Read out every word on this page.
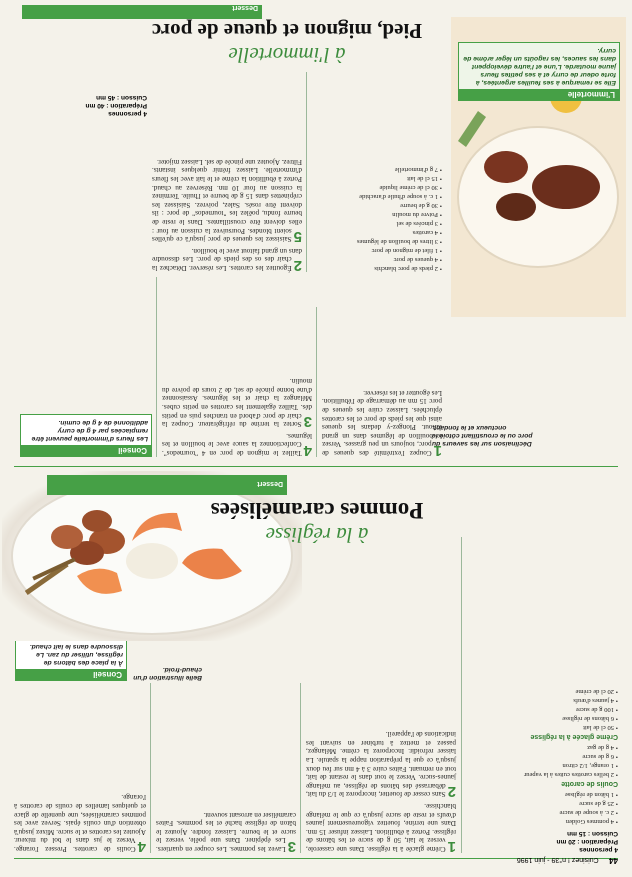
44 Cuisinez ! n°39 - juin 1996
4 personnes
Préparation : 20 mn
Cuisson : 15 mn
• 4 pommes Golden
• 2 c. à soupe de sucre
• 25 g de sucre
• 1 bâton de réglisse
Coulis de carotte
• 2 belles carottes cuites à la vapeur
• 1 orange, 1/2 citron
• 6 g de sucre
• 4 g de gaz
Crème glacée à la réglisse
• 50 cl de lait
• 6 bâtons de réglisse
• 100 g de sucre
• 4 jaunes d'œufs
• 20 cl de crème
1
Crème glacée à la réglisse. Dans une casserole, versez le lait, 50 g de sucre et les bâtons de réglisse. Portez à ébullition. Laissez infuser 15 mn. Dans une terrine, fouettez vigoureusement jaunes d'œufs et reste de sucre jusqu'à ce que le mélange blanchisse.
2
Sans cesser de fouetter, incorporez le 1/3 du lait, débarrassé des bâtons de réglisse, au mélange jaunes-sucre. Versez le tout dans le restant de lait, tout en remuant. Faites cuire 3 à 4 mn sur feu doux jusqu'à ce que la préparation nappe la spatule. La laisser refroidir. Incorporez la crème. Mélangez, passez et mettez à turbiner en suivant les indications de l'appareil.
3
Lavez les pommes. Les couper en quartiers. Les épépiner. Dans une poêle, versez le sucre et le beurre. Laissez fondre. Ajoutez le bâton de réglisse haché et les pommes. Faites caraméliser en arrosant souvent.
4
Coulis de carottes. Pressez l'orange. Versez le jus dans le bol du mixeur. Ajoutez les carottes et le sucre. Mixez jusqu'à obtention d'un coulis épais. Servez avec les pommes caramélisées, une quenelle de glace et quelques lamelles de coulis de carottes à l'orange.
Belle illustration d'un chaud-froid.
Conseil
À la place des bâtons de réglisse, utiliser du zan. Le dissoudre dans le lait chaud.
Dessert
à la réglisse
Pommes caramélisées
Déclinaison sur les saveurs du porc ou le croustillant côtoie le onctueux et le fondant.
L'immortelle
Elle se remarque à ses feuilles argentées, à forte odeur de curry et à ses petites fleurs jaune moutarde. L'une et l'autre développent dans les sauces, les ragoûts un léger arôme de curry.
1
Coupez l'extrémité des queues de porc, toujours un peu grasses. Versez le bouillon de légumes dans un grand faitout. Plongez-y dedans les queues ainsi que les pieds de porc et les carottes épluchées. Laissez cuire les queues de porc 15 mn au démarrage de l'ébullition. Les égoutter et les réserver.
4
Taillez le mignon de porc en 4 "tournedos". Confectionnez la sauce avec le bouillon et les légumes.
3
Sortez la terrine du réfrigérateur. Coupez la chair de porc d'abord en tranches puis en petits dés. Taillez également les carottes en petits cubes. Mélangez la chair et les légumes. Assaisonnez d'une bonne pincée de sel, de 2 tours de poivre du moulin.
Conseil
Les fleurs d'immortelle peuvent être remplacées par 4 g de curry additionné de 4 g de cumin.
• 2 pieds de porc blanchis
• 4 queues de porc
• 1 filet de mignon de porc
• 3 litres de bouillon de légumes
• 4 carottes
• 3 pincées de sel
• Poivre du moulin
• 30 g de beurre
• 1 c. à soupe d'huile d'arachide
• 30 cl de crème liquide
• 15 cl de lait
• 7 g d'immortelle
2
Égouttez les carottes. Les réserver. Détachez la chair des os des pieds de porc. Les dissoudre dans un grand faitout avec le bouillon.
5
Saisissez les queues de porc jusqu'à ce qu'elles soient blondes. Poursuivez la cuisson au four : elles doivent être croustillantes. Dans le reste de beurre fondu, poêlez les "tournedos" de porc : ils doivent être rosés. Salez, poivrez. Saisissez les crépinettes dans 15 g de beurre et l'huile. Terminez la cuisson au four 10 mn. Réservez au chaud. Portez à ébullition la crème et le lait avec les fleurs d'immortelle. Laissez frémir quelques instants. Filtrez. Ajoutez une pincée de sel. Laissez mijoter.
4 personnes
Préparation : 40 mn
Cuisson : 45 mn
à l'immortelle
Pied, mignon et queue de porc
Dessert
